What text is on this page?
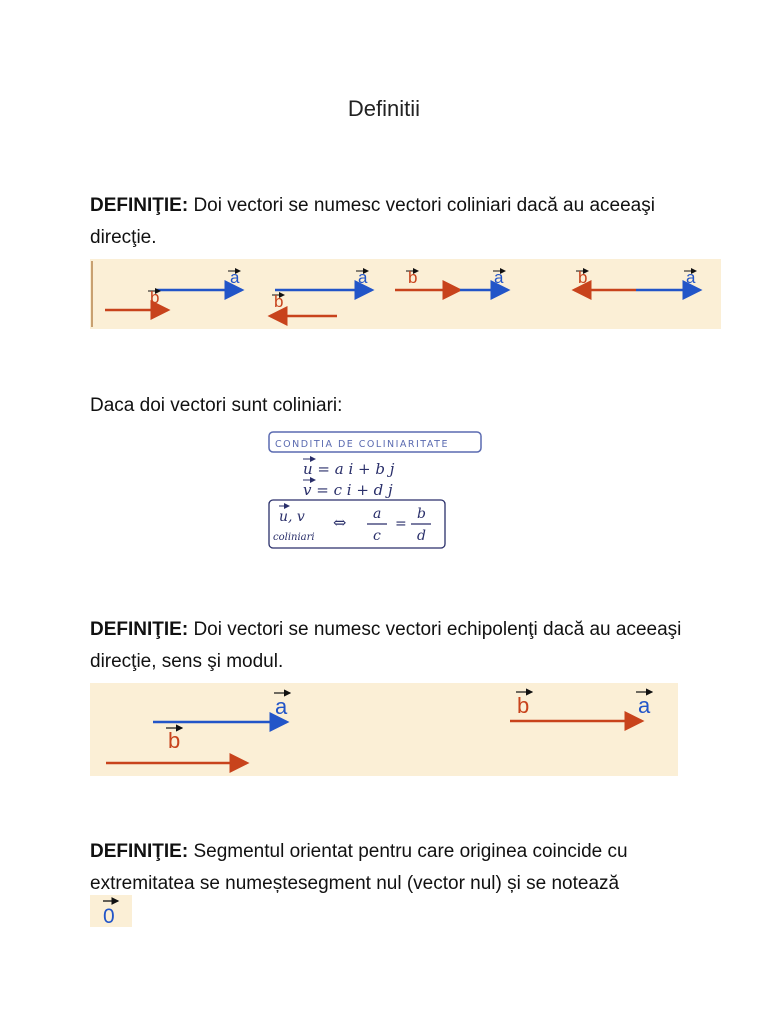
Definitii
DEFINIŢIE: Doi vectori se numesc vectori coliniari dacă au aceeaşi direcţie.
a
b
a
b
b	a	b	a
Daca doi vectori sunt coliniari:
CONDITIA DE COLINIARITATE
u = a i + b j
v = c i + d j
u, v
coliniari
⇔ a
c
=
b
d
DEFINIŢIE: Doi vectori se numesc vectori echipolenţi dacă au aceeaşi direcţie, sens şi modul.
a
b
b	a
DEFINIŢIE: Segmentul orientat pentru care originea coincide cu extremitatea se numeștesegment nul (vector nul) și se notează
0
